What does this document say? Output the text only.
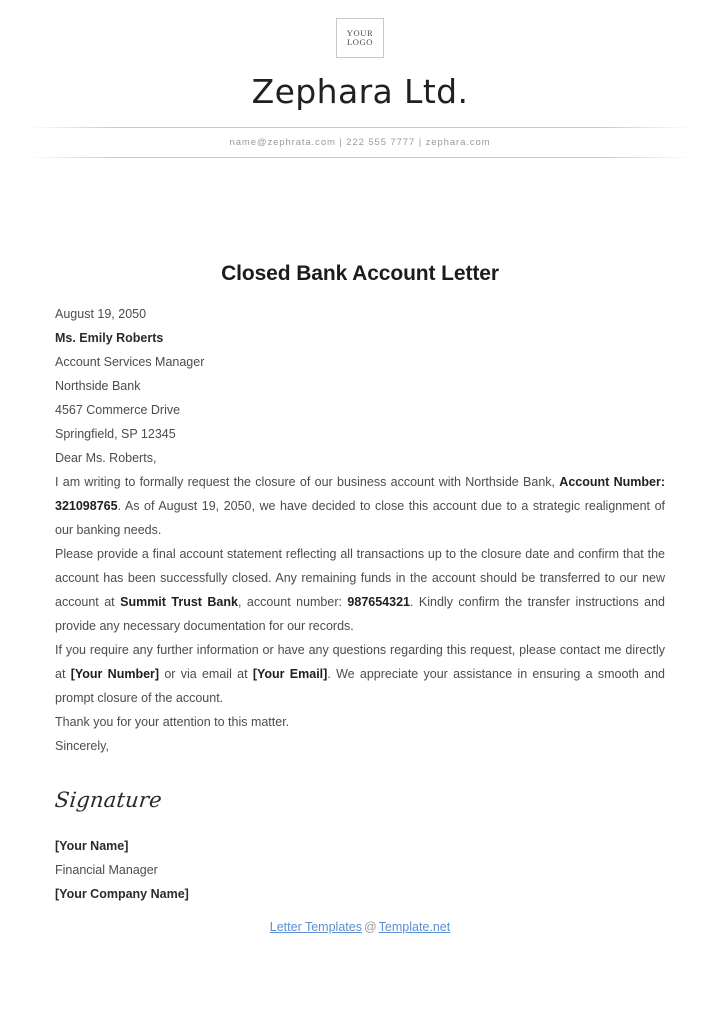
YOUR
LOGO
Zephara Ltd.
name@zephrata.com | 222 555 7777 | zephara.com
Closed Bank Account Letter
August 19, 2050
Ms. Emily Roberts
Account Services Manager
Northside Bank
4567 Commerce Drive
Springfield, SP 12345
Dear Ms. Roberts,

I am writing to formally request the closure of our business account with Northside Bank, Account Number: 321098765. As of August 19, 2050, we have decided to close this account due to a strategic realignment of our banking needs.

Please provide a final account statement reflecting all transactions up to the closure date and confirm that the account has been successfully closed. Any remaining funds in the account should be transferred to our new account at Summit Trust Bank, account number: 987654321. Kindly confirm the transfer instructions and provide any necessary documentation for our records.

If you require any further information or have any questions regarding this request, please contact me directly at [Your Number] or via email at [Your Email]. We appreciate your assistance in ensuring a smooth and prompt closure of the account.

Thank you for your attention to this matter.
Sincerely,
Signature
[Your Name]
Financial Manager
[Your Company Name]
Letter Templates @ Template.net
